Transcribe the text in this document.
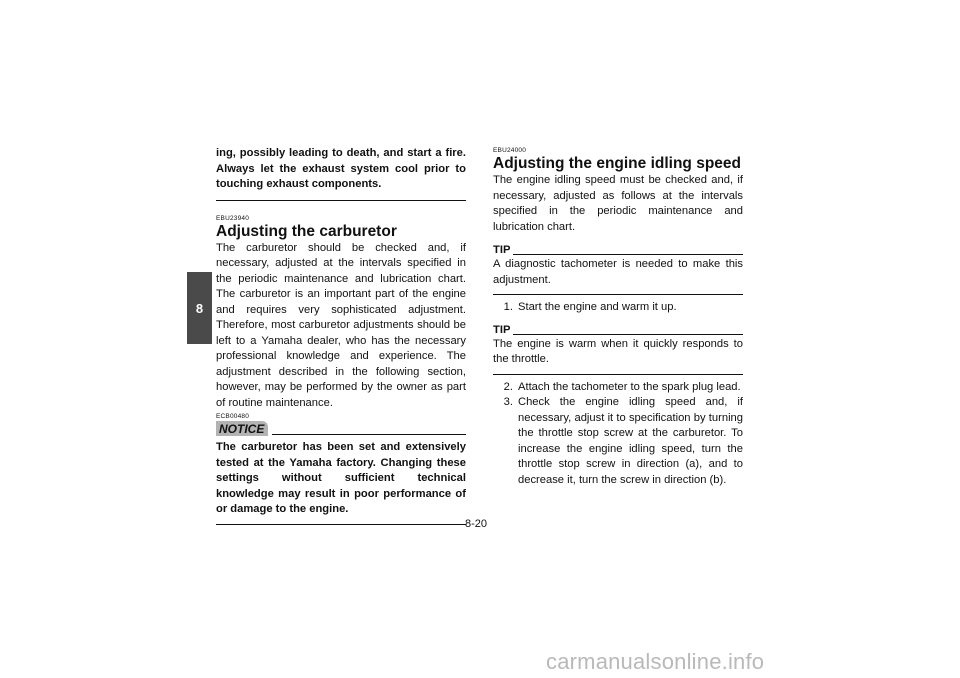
8

ing, possibly leading to death, and start a fire. Always let the exhaust system cool prior to touching exhaust components.

EBU23940
Adjusting the carburetor

The carburetor should be checked and, if necessary, adjusted at the intervals specified in the periodic maintenance and lubrication chart. The carburetor is an important part of the engine and requires very sophisticated adjustment. Therefore, most carburetor adjustments should be left to a Yamaha dealer, who has the necessary professional knowledge and experience. The adjustment described in the following section, however, may be performed by the owner as part of routine maintenance.

ECB00480
NOTICE

The carburetor has been set and extensively tested at the Yamaha factory. Changing these settings without sufficient technical knowledge may result in poor performance of or damage to the engine.

EBU24000
Adjusting the engine idling speed

The engine idling speed must be checked and, if necessary, adjusted as follows at the intervals specified in the periodic maintenance and lubrication chart.

TIP

A diagnostic tachometer is needed to make this adjustment.

1. Start the engine and warm it up.
TIP

The engine is warm when it quickly responds to the throttle.

2. Attach the tachometer to the spark plug lead.
3. Check the engine idling speed and, if necessary, adjust it to specification by turning the throttle stop screw at the carburetor. To increase the engine idling speed, turn the throttle stop screw in direction (a), and to decrease it, turn the screw in direction (b).
8-20
carmanualsonline.info
